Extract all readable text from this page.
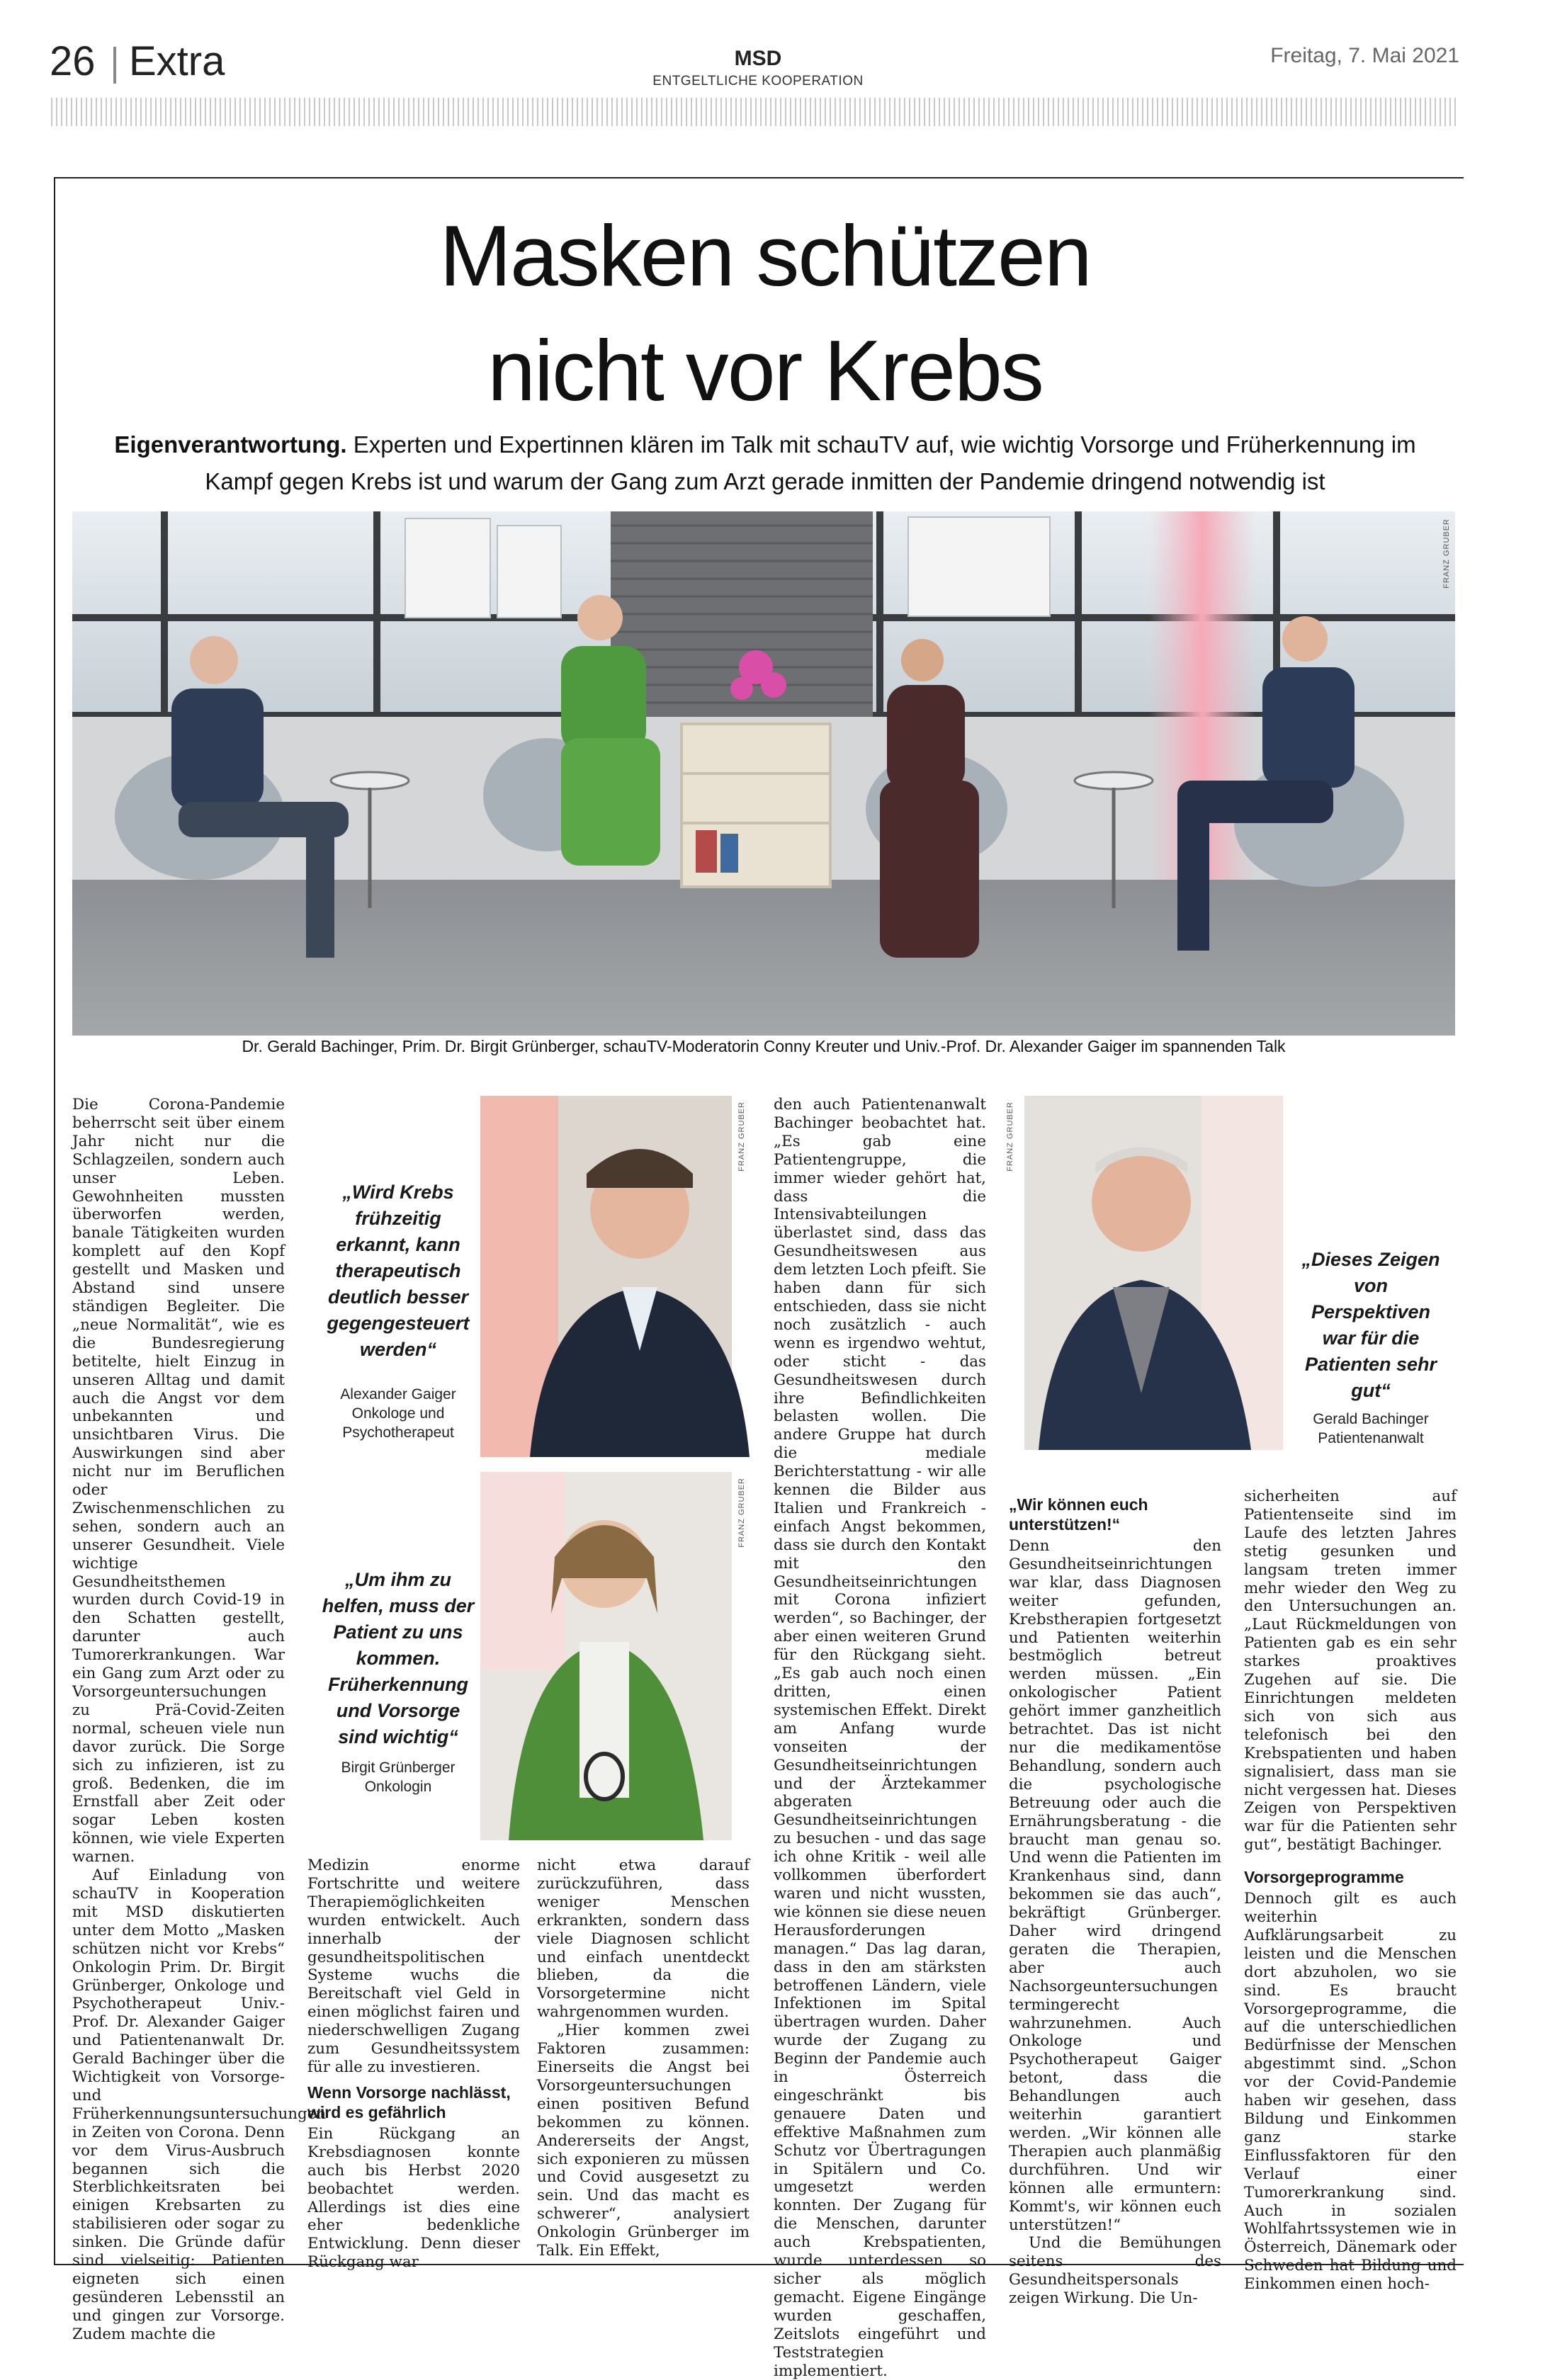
26 Extra	MSD
ENTGELTLICHE KOOPERATION
Freitag, 7. Mai 2021
Masken schützen
nicht vor Krebs
Eigenverantwortung. Experten und Expertinnen klären im Talk mit schauTV auf, wie wichtig Vorsorge und Früherkennung im
Kampf gegen Krebs ist und warum der Gang zum Arzt gerade inmitten der Pandemie dringend notwendig ist
FRANZ GRUBER
Dr. Gerald Bachinger, Prim. Dr. Birgit Grünberger, schauTV-Moderatorin Conny Kreuter und Univ.-Prof. Dr. Alexander Gaiger im spannenden Talk

Die Corona-Pandemie beherrscht seit über einem Jahr nicht nur die Schlagzeilen, sondern auch unser Leben. Gewohnheiten mussten überworfen werden, banale Tätigkeiten wurden komplett auf den Kopf gestellt und Masken und Abstand sind unsere ständigen Begleiter. Die „neue Normalität“, wie es die Bundesregierung betitelte, hielt Einzug in unseren Alltag und damit auch die Angst vor dem unbekannten und unsichtbaren Virus. Die Auswirkungen sind aber nicht nur im Beruflichen oder Zwischenmenschlichen zu sehen, sondern auch an unserer Gesundheit. Viele wichtige Gesundheitsthemen wurden durch Covid-19 in den Schatten gestellt, darunter auch Tumorerkrankungen. War ein Gang zum Arzt oder zu Vorsorgeuntersuchungen zu Prä-Covid-Zeiten normal, scheuen viele nun davor zurück. Die Sorge sich zu infizieren, ist zu groß. Bedenken, die im Ernstfall aber Zeit oder sogar Leben kosten können, wie viele Experten warnen.

Auf Einladung von schauTV in Kooperation mit MSD diskutierten unter dem Motto „Masken schützen nicht vor Krebs“ Onkologin Prim. Dr. Birgit Grünberger, Onkologe und Psychotherapeut Univ.-Prof. Dr. Alexander Gaiger und Patientenanwalt Dr. Gerald Bachinger über die Wichtigkeit von Vorsorge- und Früherkennungsuntersuchungen in Zeiten von Corona. Denn vor dem Virus-Ausbruch begannen sich die Sterblichkeitsraten bei einigen Krebsarten zu stabilisieren oder sogar zu sinken. Die Gründe dafür sind vielseitig: Patienten eigneten sich einen gesünderen Lebensstil an und gingen zur Vorsorge. Zudem machte die

FRANZ GRUBER
„Wird Krebs frühzeitig erkannt, kann therapeutisch deutlich besser gegengesteuert werden“
Alexander Gaiger
Onkologe und
Psychotherapeut
FRANZ GRUBER
„Um ihm zu helfen, muss der Patient zu uns kommen. Früherkennung und Vorsorge sind wichtig“
Birgit Grünberger
Onkologin

Medizin enorme Fortschritte und weitere Therapiemöglichkeiten wurden entwickelt. Auch innerhalb der gesundheitspolitischen Systeme wuchs die Bereitschaft viel Geld in einen möglichst fairen und niederschwelligen Zugang zum Gesundheitssystem für alle zu investieren.

Wenn Vorsorge nachlässt, wird es gefährlich

Ein Rückgang an Krebsdiagnosen konnte auch bis Herbst 2020 beobachtet werden. Allerdings ist dies eine eher bedenkliche Entwicklung. Denn dieser Rückgang war

nicht etwa darauf zurückzuführen, dass weniger Menschen erkrankten, sondern dass viele Diagnosen schlicht und einfach unentdeckt blieben, da die Vorsorgetermine nicht wahrgenommen wurden.

„Hier kommen zwei Faktoren zusammen: Einerseits die Angst bei Vorsorgeuntersuchungen einen positiven Befund bekommen zu können. Andererseits der Angst, sich exponieren zu müssen und Covid ausgesetzt zu sein. Und das macht es schwerer“, analysiert Onkologin Grünberger im Talk. Ein Effekt,

den auch Patientenanwalt Bachinger beobachtet hat. „Es gab eine Patientengruppe, die immer wieder gehört hat, dass die Intensivabteilungen überlastet sind, dass das Gesundheitswesen aus dem letzten Loch pfeift. Sie haben dann für sich entschieden, dass sie nicht noch zusätzlich - auch wenn es irgendwo wehtut, oder sticht - das Gesundheitswesen durch ihre Befindlichkeiten belasten wollen. Die andere Gruppe hat durch die mediale Berichterstattung - wir alle kennen die Bilder aus Italien und Frankreich - einfach Angst bekommen, dass sie durch den Kontakt mit den Gesundheitseinrichtungen mit Corona infiziert werden“, so Bachinger, der aber einen weiteren Grund für den Rückgang sieht. „Es gab auch noch einen dritten, einen systemischen Effekt. Direkt am Anfang wurde vonseiten der Gesundheitseinrichtungen und der Ärztekammer abgeraten Gesundheitseinrichtungen zu besuchen - und das sage ich ohne Kritik - weil alle vollkommen überfordert waren und nicht wussten, wie können sie diese neuen Herausforderungen managen.“ Das lag daran, dass in den am stärksten betroffenen Ländern, viele Infektionen im Spital übertragen wurden. Daher wurde der Zugang zu Beginn der Pandemie auch in Österreich eingeschränkt bis genauere Daten und effektive Maßnahmen zum Schutz vor Übertragungen in Spitälern und Co. umgesetzt werden konnten. Der Zugang für die Menschen, darunter auch Krebspatienten, wurde unterdessen so sicher als möglich gemacht. Eigene Eingänge wurden geschaffen, Zeitslots eingeführt und Teststrategien implementiert.

FRANZ GRUBER
„Dieses Zeigen von Perspektiven war für die Patienten sehr gut“
Gerald Bachinger
Patientenanwalt
„Wir können euch unterstützen!“

Denn den Gesundheitseinrichtungen war klar, dass Diagnosen weiter gefunden, Krebstherapien fortgesetzt und Patienten weiterhin bestmöglich betreut werden müssen. „Ein onkologischer Patient gehört immer ganzheitlich betrachtet. Das ist nicht nur die medikamentöse Behandlung, sondern auch die psychologische Betreuung oder auch die Ernährungsberatung - die braucht man genau so. Und wenn die Patienten im Krankenhaus sind, dann bekommen sie das auch“, bekräftigt Grünberger. Daher wird dringend geraten die Therapien, aber auch Nachsorgeuntersuchungen termingerecht wahrzunehmen. Auch Onkologe und Psychotherapeut Gaiger betont, dass die Behandlungen auch weiterhin garantiert werden. „Wir können alle Therapien auch planmäßig durchführen. Und wir können alle ermuntern: Kommt's, wir können euch unterstützen!“

Und die Bemühungen seitens des Gesundheitspersonals zeigen Wirkung. Die Un-

sicherheiten auf Patientenseite sind im Laufe des letzten Jahres stetig gesunken und langsam treten immer mehr wieder den Weg zu den Untersuchungen an. „Laut Rückmeldungen von Patienten gab es ein sehr starkes proaktives Zugehen auf sie. Die Einrichtungen meldeten sich von sich aus telefonisch bei den Krebspatienten und haben signalisiert, dass man sie nicht vergessen hat. Dieses Zeigen von Perspektiven war für die Patienten sehr gut“, bestätigt Bachinger.

Vorsorgeprogramme

Dennoch gilt es auch weiterhin Aufklärungsarbeit zu leisten und die Menschen dort abzuholen, wo sie sind. Es braucht Vorsorgeprogramme, die auf die unterschiedlichen Bedürfnisse der Menschen abgestimmt sind. „Schon vor der Covid-Pandemie haben wir gesehen, dass Bildung und Einkommen ganz starke Einflussfaktoren für den Verlauf einer Tumorerkrankung sind. Auch in sozialen Wohlfahrtssystemen wie in Österreich, Dänemark oder Schweden hat Bildung und Einkommen einen hoch-
